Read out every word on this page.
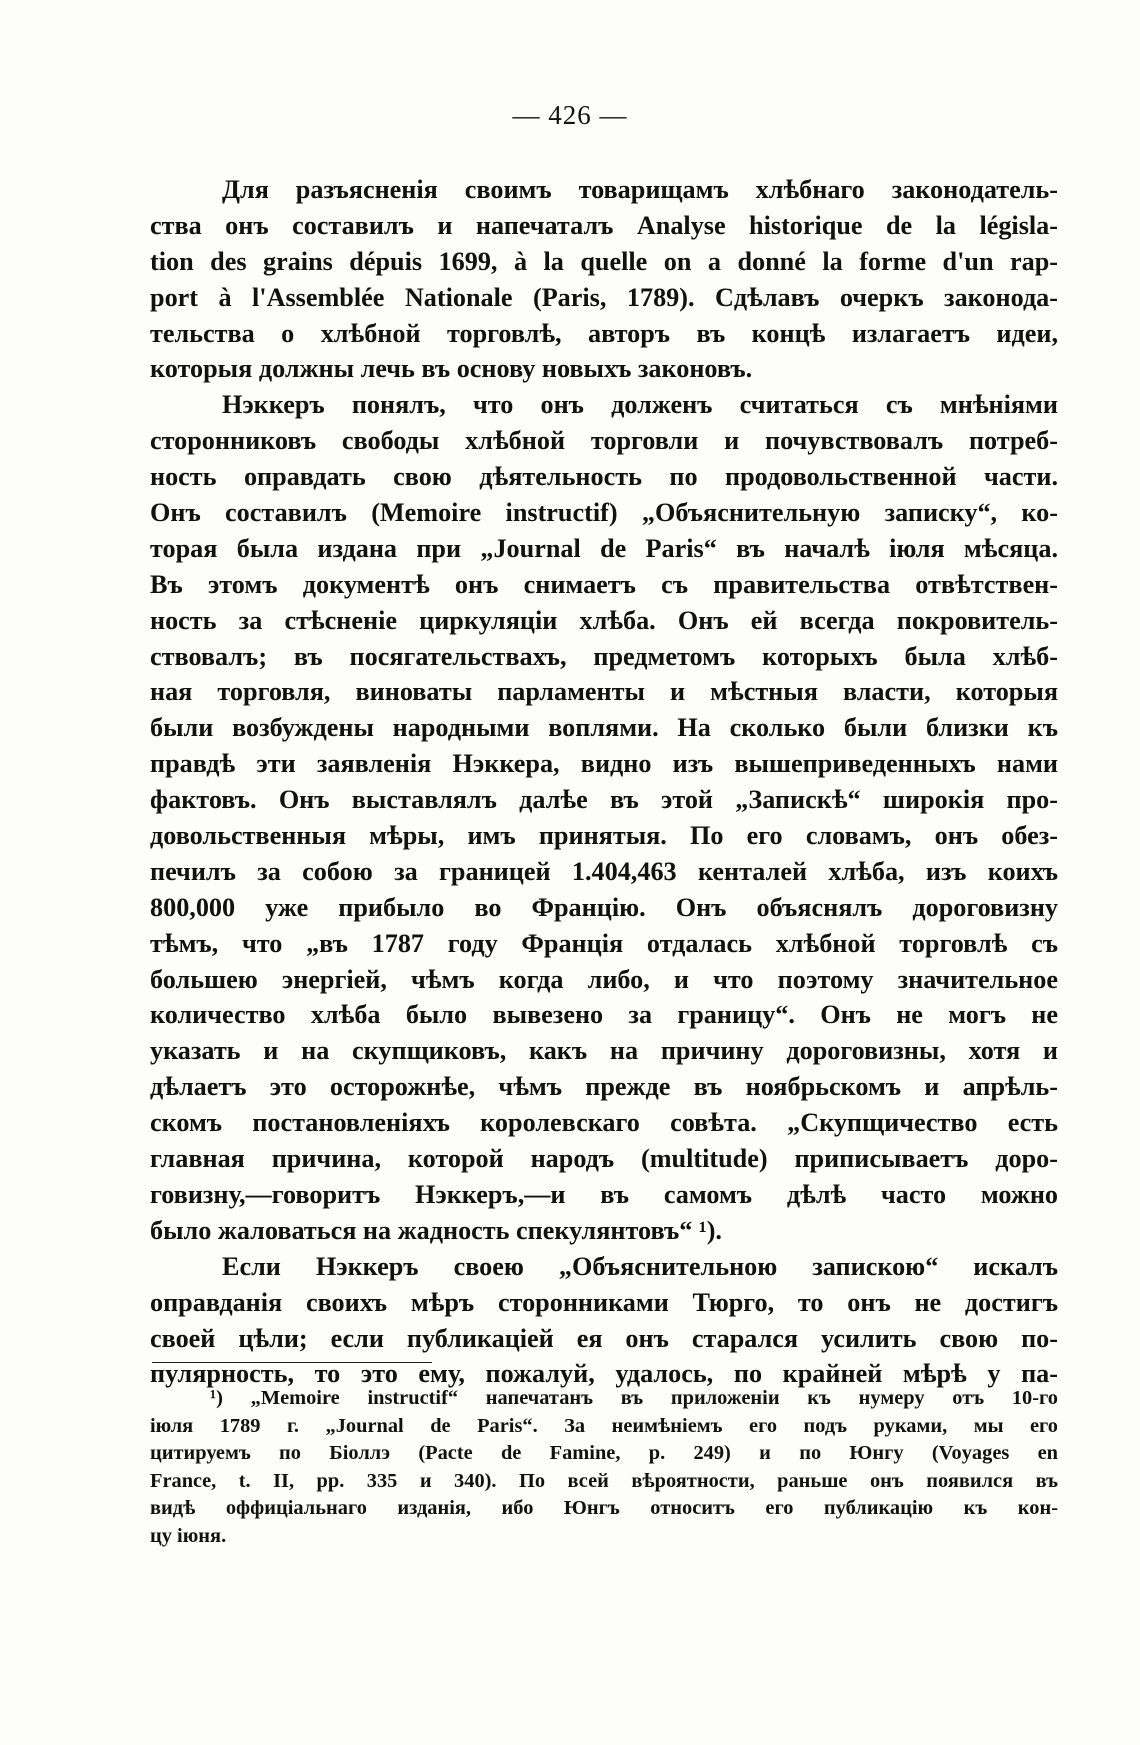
— 426 —
Для разъясненія своимъ товарищамъ хлѣбнаго законодатель-
ства онъ составилъ и напечаталъ Analyse historique de la législa-
tion des grains dépuis 1699, à la quelle on a donné la forme d'un rap-
port à l'Assemblée Nationale (Paris, 1789). Сдѣлавъ очеркъ законода-
тельства о хлѣбной торговлѣ, авторъ въ концѣ излагаетъ идеи,
которыя должны лечь въ основу новыхъ законовъ.
Нэккеръ понялъ, что онъ долженъ считаться съ мнѣніями
сторонниковъ свободы хлѣбной торговли и почувствовалъ потреб-
ность оправдать свою дѣятельность по продовольственной части.
Онъ составилъ (Memoire instructif) „Объяснительную записку“, ко-
торая была издана при „Journal de Paris“ въ началѣ іюля мѣсяца.
Въ этомъ документѣ онъ снимаетъ съ правительства отвѣтствен-
ность за стѣсненіе циркуляціи хлѣба. Онъ ей всегда покровитель-
ствовалъ; въ посягательствахъ, предметомъ которыхъ была хлѣб-
ная торговля, виноваты парламенты и мѣстныя власти, которыя
были возбуждены народными воплями. На сколько были близки къ
правдѣ эти заявленія Нэккера, видно изъ вышеприведенныхъ нами
фактовъ. Онъ выставлялъ далѣе въ этой „Запискѣ“ широкія про-
довольственныя мѣры, имъ принятыя. По его словамъ, онъ обез-
печилъ за собою за границей 1.404,463 кенталей хлѣба, изъ коихъ
800,000 уже прибыло во Францію. Онъ объяснялъ дороговизну
тѣмъ, что „въ 1787 году Франція отдалась хлѣбной торговлѣ съ
большею энергіей, чѣмъ когда либо, и что поэтому значительное
количество хлѣба было вывезено за границу“. Онъ не могъ не
указать и на скупщиковъ, какъ на причину дороговизны, хотя и
дѣлаетъ это осторожнѣе, чѣмъ прежде въ ноябрьскомъ и апрѣль-
скомъ постановленіяхъ королевскаго совѣта. „Скупщичество есть
главная причина, которой народъ (multitude) приписываетъ доро-
говизну,—говоритъ Нэккеръ,—и въ самомъ дѣлѣ часто можно
было жаловаться на жадность спекулянтовъ“ ¹).
Если Нэккеръ своею „Объяснительною запискою“ искалъ
оправданія своихъ мѣръ сторонниками Тюрго, то онъ не достигъ
своей цѣли; если публикаціей ея онъ старался усилить свою по-
пулярность, то это ему, пожалуй, удалось, по крайней мѣрѣ у па-
¹) „Memoire instructif“ напечатанъ въ приложеніи къ нумеру отъ 10-го
іюля 1789 г. „Journal de Paris“. За неимѣніемъ его подъ руками, мы его
цитируемъ по Біоллэ (Pacte de Famine, p. 249) и по Юнгу (Voyages en
France, t. II, pp. 335 и 340). По всей вѣроятности, раньше онъ появился въ
видѣ оффиціальнаго изданія, ибо Юнгъ относитъ его публикацію къ кон-
цу іюня.
